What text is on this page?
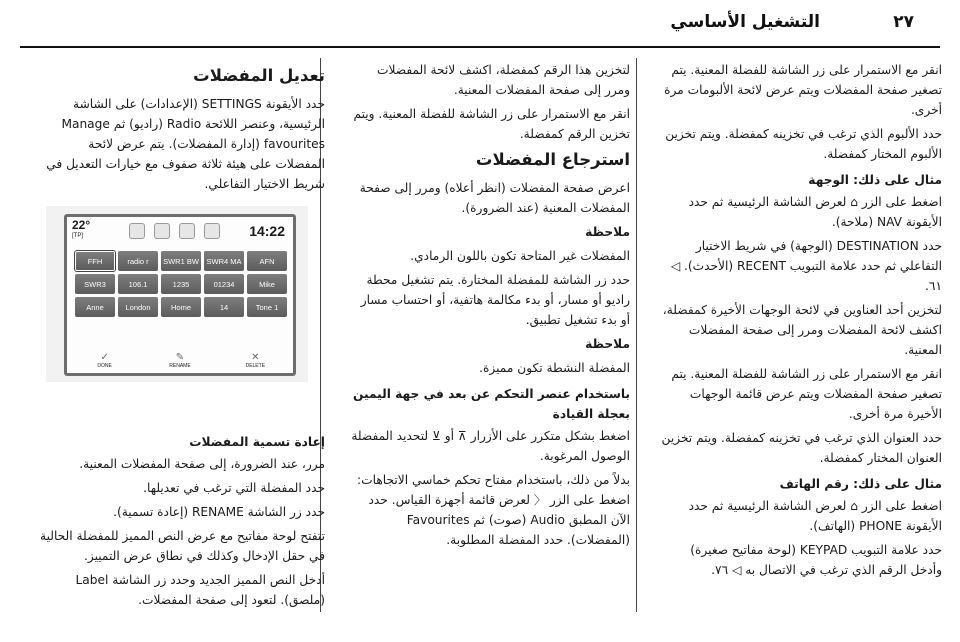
التشغيل الأساسي	٢٧

انقر مع الاستمرار على زر الشاشة للفضلة المعنية. يتم تصغير صفحة المفضلات ويتم عرض لائحة الألبومات مرة أخرى.

حدد الألبوم الذي ترغب في تخزينه كمفضلة. ويتم تخزين الألبوم المختار كمفضلة.

مثال على ذلك: الوجهة

اضغط على الزر ⌂ لعرض الشاشة الرئيسية ثم حدد الأيقونة NAV (ملاحة).

حدد DESTINATION (الوجهة) في شريط الاختيار التفاعلي ثم حدد علامة التبويب RECENT (الأحدث). ◁ ٦١.

لتخزين أحد العناوين في لائحة الوجهات الأخيرة كمفضلة، اكشف لائحة المفضلات ومرر إلى صفحة المفضلات المعنية.

انقر مع الاستمرار على زر الشاشة للفضلة المعنية. يتم تصغير صفحة المفضلات ويتم عرض قائمة الوجهات الأخيرة مرة أخرى.

حدد العنوان الذي ترغب في تخزينه كمفضلة. ويتم تخزين العنوان المختار كمفضلة.

مثال على ذلك: رقم الهاتف

اضغط على الزر ⌂ لعرض الشاشة الرئيسية ثم حدد الأيقونة PHONE (الهاتف).

حدد علامة التبويب KEYPAD (لوحة مفاتيح صغيرة) وأدخل الرقم الذي ترغب في الاتصال به ◁ ٧٦.

لتخزين هذا الرقم كمفضلة، اكشف لائحة المفضلات ومرر إلى صفحة المفضلات المعنية.

انقر مع الاستمرار على زر الشاشة للفضلة المعنية. ويتم تخزين الرقم كمفضلة.

استرجاع المفضلات

اعرض صفحة المفضلات (انظر أعلاه) ومرر إلى صفحة المفضلات المعنية (عند الضرورة).

ملاحظة

المفضلات غير المتاحة تكون باللون الرمادي.

حدد زر الشاشة للمفضلة المختارة. يتم تشغيل محطة راديو أو مسار، أو بدء مكالمة هاتفية، أو احتساب مسار أو بدء تشغيل تطبيق.

ملاحظة

المفضلة النشطة تكون مميزة.

باستخدام عنصر التحكم عن بعد في جهة اليمين بعجلة القيادة

اضغط بشكل متكرر على الأزرار ⊼ أو ⊻ لتحديد المفضلة الوصول المرغوبة.

بدلاً من ذلك، باستخدام مفتاح تحكم خماسي الاتجاهات: اضغط على الزر 〈 لعرض قائمة أجهزة القياس. حدد الآن المطبق Audio (صوت) ثم Favourites (المفضلات). حدد المفضلة المطلوبة.

تعديل المفضلات

حدد الأيقونة SETTINGS (الإعدادات) على الشاشة الرئيسية، وعنصر اللائحة Radio (راديو) ثم Manage favourites (إدارة المفضلات). يتم عرض لائحة المفضلات على هيئة ثلاثة صفوف مع خيارات التعديل في شريط الاختيار التفاعلي.

22°
[TP]	14:22
FFH	radio r	SWR1 BW	SWR4 MA	AFN
SWR3	106.1	1235	01234	Mike
Anne	London	Home	14	Tone 1
✓
DONE
✎
RENAME
✕
DELETE

إعادة تسمية المفضلات

مرر، عند الضرورة، إلى صفحة المفضلات المعنية.

حدد المفضلة التي ترغب في تعديلها.

حدد زر الشاشة RENAME (إعادة تسمية).

تتفتح لوحة مفاتيح مع عرض النص المميز للمفضلة الحالية في حقل الإدخال وكذلك في نطاق عرض التمييز.

أدخل النص المميز الجديد وحدد زر الشاشة Label (ملصق). لتعود إلى صفحة المفضلات.
